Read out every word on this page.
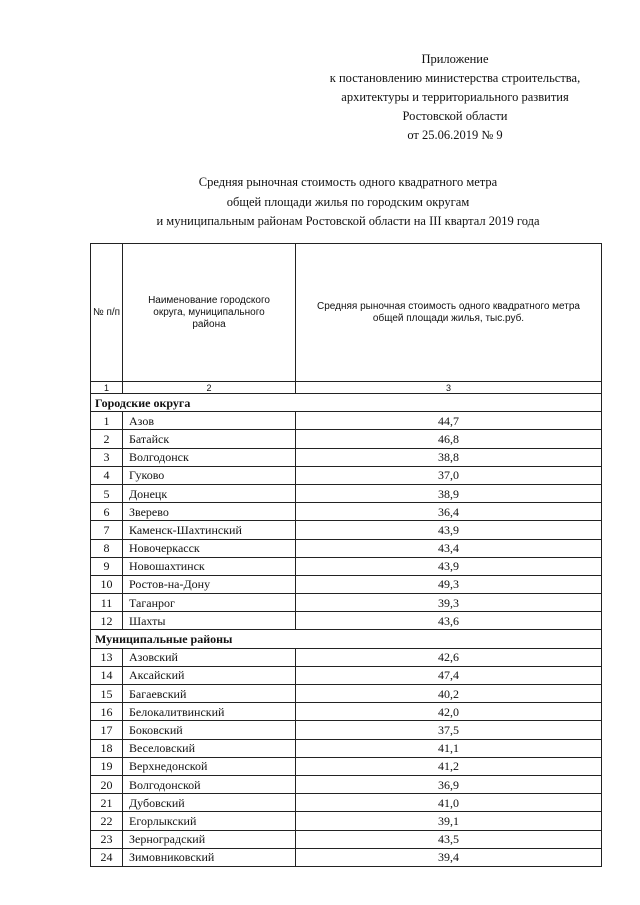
Приложение
к постановлению министерства строительства,
архитектуры и территориального развития
Ростовской области
от 25.06.2019 № 9
Средняя рыночная стоимость одного квадратного метра
общей площади жилья по городским округам
и муниципальным районам Ростовской области на III квартал 2019 года
№ п/п	Наименование городского округа, муниципального района	Средняя рыночная стоимость одного квадратного метра общей площади жилья, тыс.руб.
1	2	3
Городские округа		
1	Азов	44,7
2	Батайск	46,8
3	Волгодонск	38,8
4	Гуково	37,0
5	Донецк	38,9
6	Зверево	36,4
7	Каменск-Шахтинский	43,9
8	Новочеркасск	43,4
9	Новошахтинск	43,9
10	Ростов-на-Дону	49,3
11	Таганрог	39,3
12	Шахты	43,6
Муниципальные районы		
13	Азовский	42,6
14	Аксайский	47,4
15	Багаевский	40,2
16	Белокалитвинский	42,0
17	Боковский	37,5
18	Веселовский	41,1
19	Верхнедонской	41,2
20	Волгодонской	36,9
21	Дубовский	41,0
22	Егорлыкский	39,1
23	Зерноградский	43,5
24	Зимовниковский	39,4
